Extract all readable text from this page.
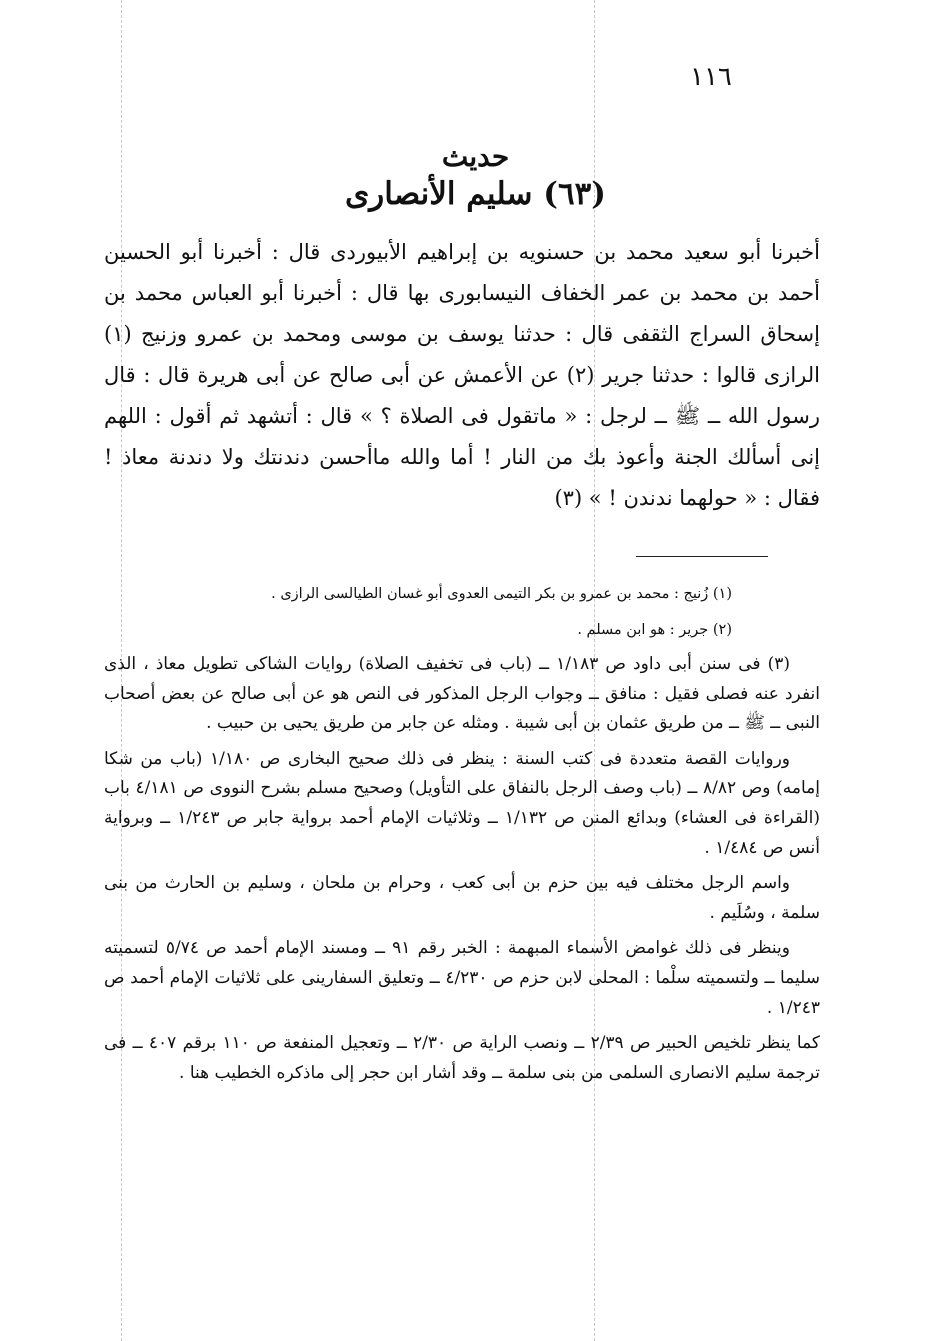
١١٦
حديث
(٦٣) سليم الأنصارى

أخبرنا أبو سعيد محمد بن حسنويه بن إبراهيم الأبيوردى قال : أخبرنا أبو الحسين أحمد بن محمد بن عمر الخفاف النيسابورى بها قال : أخبرنا أبو العباس محمد بن إسحاق السراج الثقفى قال : حدثنا يوسف بن موسى ومحمد بن عمرو وزنيج (١) الرازى قالوا : حدثنا جرير (٢) عن الأعمش عن أبى صالح عن أبى هريرة قال : قال رسول الله ــ ﷺ ــ لرجل : « ماتقول فى الصلاة ؟ » قال : أتشهد ثم أقول : اللهم إنى أسألك الجنة وأعوذ بك من النار ! أما والله ماأحسن دندنتك ولا دندنة معاذ ! فقال : « حولهما ندندن ! » (٣)

(١) زُنيج : محمد بن عمرو بن بكر التيمى العدوى أبو غسان الطيالسى الرازى .

(٢) جرير : هو ابن مسلم .

(٣) فى سنن أبى داود ص ١/١٨٣ ــ (باب فى تخفيف الصلاة) روايات الشاكى تطويل معاذ ، الذى انفرد عنه فصلى فقيل : منافق ــ وجواب الرجل المذكور فى النص هو عن أبى صالح عن بعض أصحاب النبى ــ ﷺ ــ من طريق عثمان بن أبى شيبة . ومثله عن جابر من طريق يحيى بن حبيب .

وروايات القصة متعددة فى كتب السنة : ينظر فى ذلك صحيح البخارى ص ١/١٨٠ (باب من شكا إمامه) وص ٨/٨٢ ــ (باب وصف الرجل بالنفاق على التأويل) وصحيح مسلم بشرح النووى ص ٤/١٨١ باب (القراءة فى العشاء) وبدائع المنن ص ١/١٣٢ ــ وثلاثيات الإمام أحمد برواية جابر ص ١/٢٤٣ ــ وبرواية أنس ص ١/٤٨٤ .

واسم الرجل مختلف فيه بين حزم بن أبى كعب ، وحرام بن ملحان ، وسليم بن الحارث من بنى سلمة ، وسُلَيم .

وينظر فى ذلك غوامض الأسماء المبهمة : الخبر رقم ٩١ ــ ومسند الإمام أحمد ص ٥/٧٤ لتسميته سليما ــ ولتسميته سلْما : المحلى لابن حزم ص ٤/٢٣٠ ــ وتعليق السفارينى على ثلاثيات الإمام أحمد ص ١/٢٤٣ .

كما ينظر تلخيص الحبير ص ٢/٣٩ ــ ونصب الراية ص ٢/٣٠ ــ وتعجيل المنفعة ص ١١٠ برقم ٤٠٧ ــ فى ترجمة سليم الانصارى السلمى من بنى سلمة ــ وقد أشار ابن حجر إلى ماذكره الخطيب هنا .
